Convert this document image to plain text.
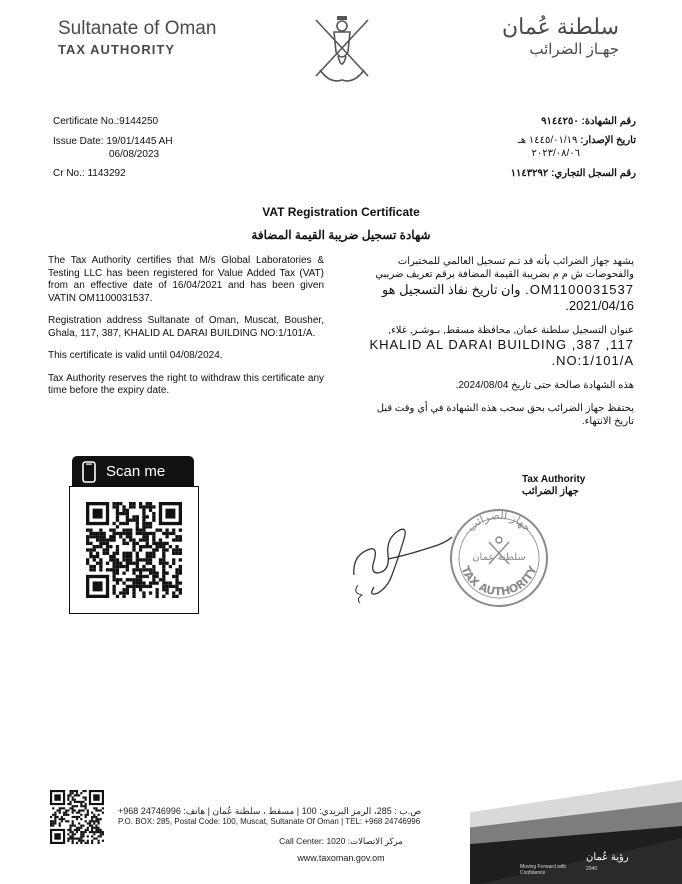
Sultanate of Oman
TAX AUTHORITY
سلطنة عُمان
جهـاز الضرائب
Certificate No.:9144250
Issue Date: 19/01/1445 AH
06/08/2023
Cr No.: 1143292
رقم الشهادة: ٩١٤٤٢٥٠
تاريخ الإصدار: ١٤٤٥/٠١/١٩ هـ
٢٠٢٣/٠٨/٠٦
رقم السجل التجاري: ١١٤٣٢٩٢
VAT Registration Certificate
شهادة تسجيل ضريبة القيمة المضافة

The Tax Authority certifies that M/s Global Laboratories & Testing LLC has been registered for Value Added Tax (VAT) from an effective date of 16/04/2021 and has been given VATIN OM1100031537.

Registration address Sultanate of Oman, Muscat, Bousher, Ghala, 117, 387, KHALID AL DARAI BUILDING NO:1/101/A.

This certificate is valid until 04/08/2024.

Tax Authority reserves the right to withdraw this certificate any time before the expiry date.

يشهد جهاز الضرائب بأنه قد تـم تسجيل العالمي للمختبرات والفحوصات ش م م بضريبة القيمة المضافة برقم تعريف ضريبي

OM1100031537. وان تاريخ نفاذ التسجيل هو 2021/04/16.

عنوان التسجيل سلطنة عمان, محافظة مسقط, بـوشـر, غلاء,

117, 387, KHALID AL DARAI BUILDING NO:1/101/A.

هذه الشهادة صالحة حتى تاريخ 2024/08/04.

يحتفظ جهاز الضرائب بحق سحب هذه الشهادة في أي وقت قبل تاريخ الانتهاء.

Scan me	Tax Authority
جهاز الضرائب
جهاز الضرائب
سلطنة عمان
TAX AUTHORITY
ص.ب : 285، الرمز البريدي: 100 | مسقط ، سلطنة عُمان | هاتف: 24746996 968+
P.O. BOX: 285, Postal Code: 100, Muscat, Sultanate Of Oman | TEL: +968 24746996
مركز الاتصالات: 1020 :Call Center
www.taxoman.gov.om	رؤية عُمان
2040
Moving Forward with Confidence
